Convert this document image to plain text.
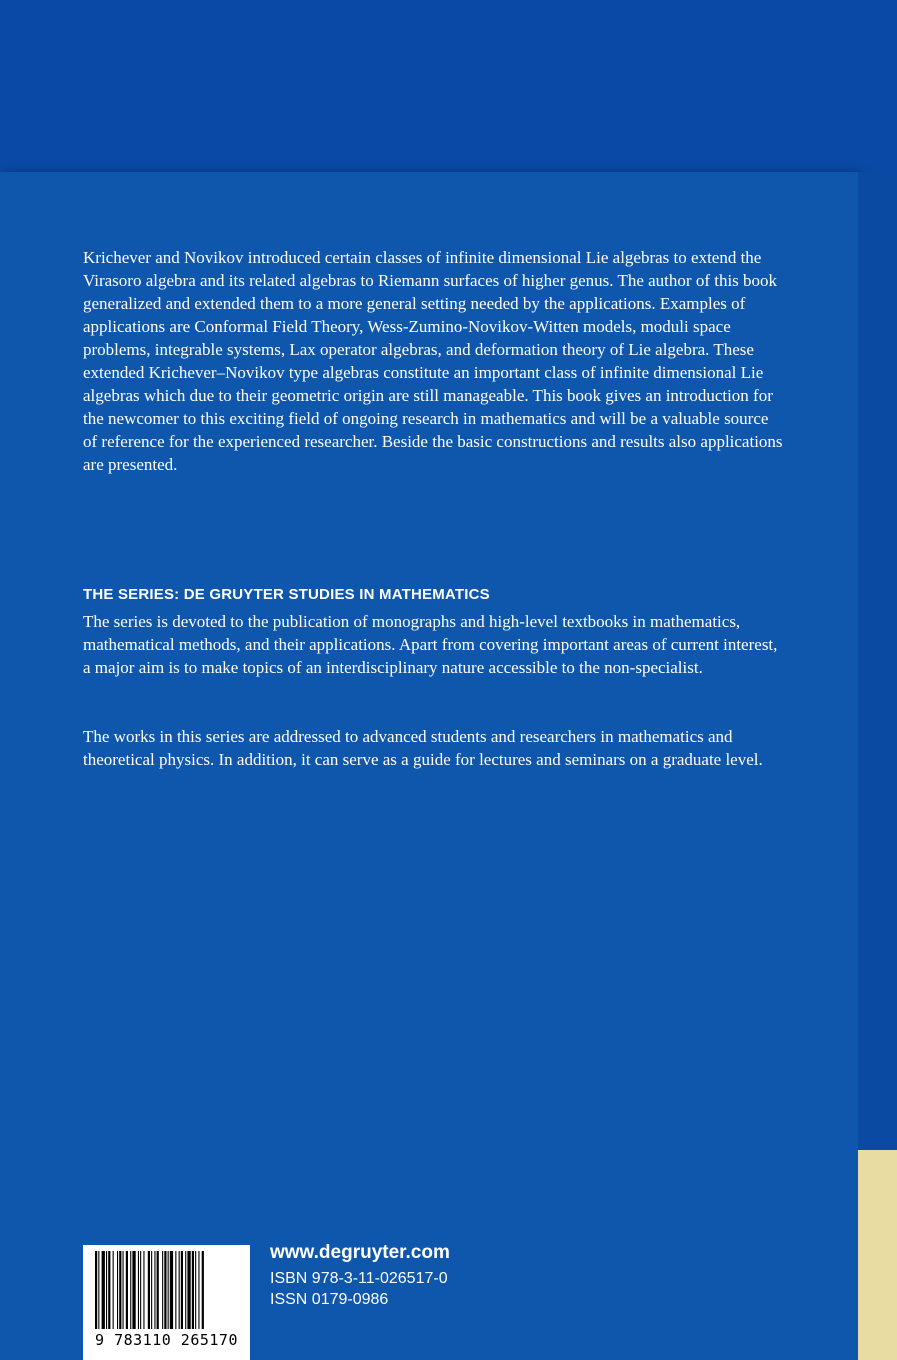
Krichever and Novikov introduced certain classes of infinite dimensional Lie algebras to extend the Virasoro algebra and its related algebras to Riemann surfaces of higher genus. The author of this book generalized and extended them to a more general setting needed by the applications. Examples of applications are Conformal Field Theory, Wess-Zumino-Novikov-Witten models, moduli space problems, integrable systems, Lax operator algebras, and deformation theory of Lie algebra. These extended Krichever–Novikov type algebras constitute an important class of infinite dimensional Lie algebras which due to their geometric origin are still manageable. This book gives an introduction for the newcomer to this exciting field of ongoing research in mathematics and will be a valuable source of reference for the experienced researcher. Beside the basic constructions and results also applications are presented.

THE SERIES: DE GRUYTER STUDIES IN MATHEMATICS

The series is devoted to the publication of monographs and high-level textbooks in mathematics, mathematical methods, and their applications. Apart from covering important areas of current interest, a major aim is to make topics of an interdisciplinary nature accessible to the non-specialist.

The works in this series are addressed to advanced students and researchers in mathematics and theoretical physics. In addition, it can serve as a guide for lectures and seminars on a graduate level.

9 783110 265170

www.degruyter.com

ISBN 978-3-11-026517-0

ISSN 0179-0986
